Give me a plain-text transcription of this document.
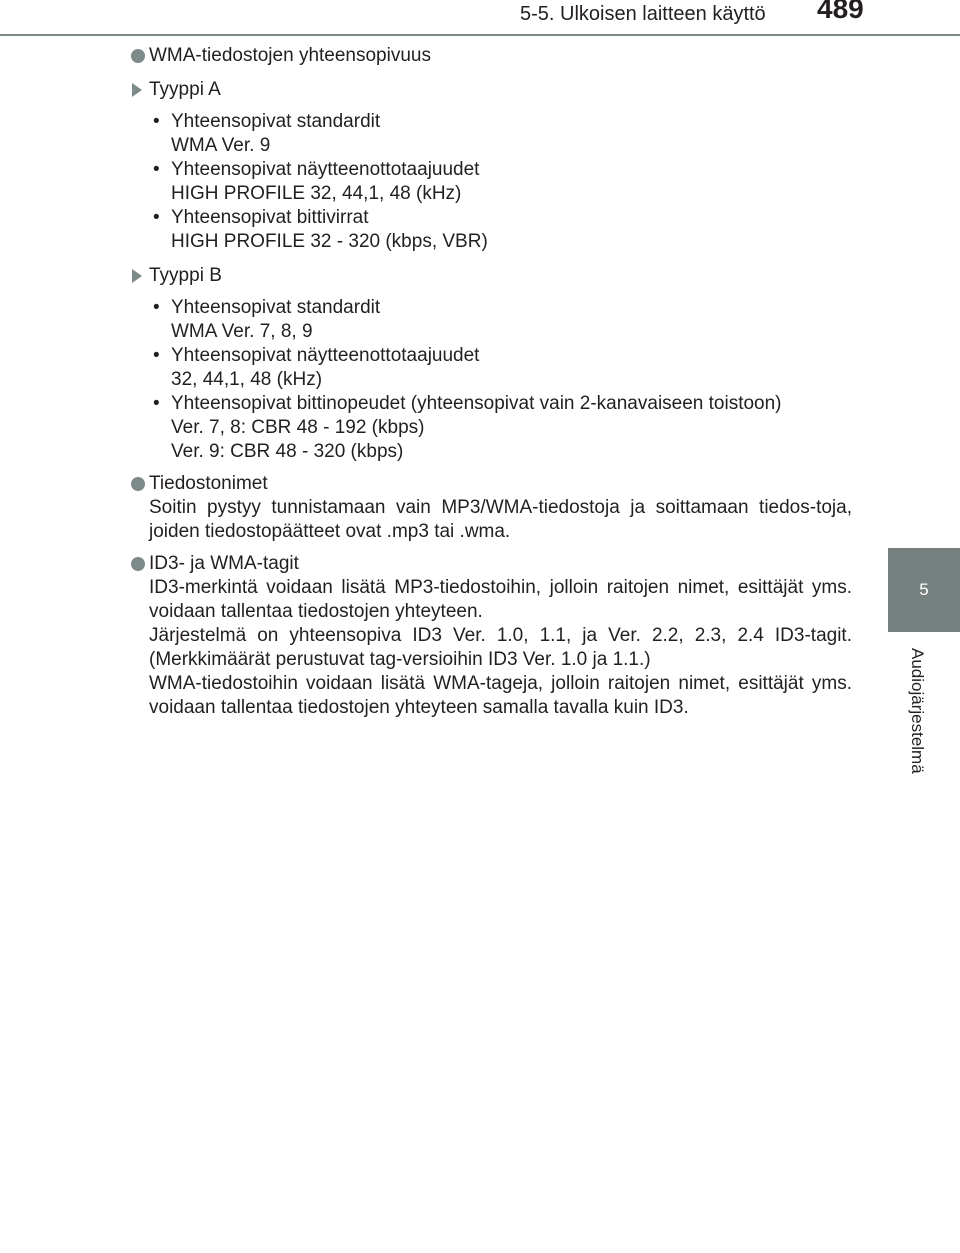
5-5. Ulkoisen laitteen käyttö 489
5
Audiojärjestelmä
WMA-tiedostojen yhteensopivuus
Tyyppi A
• Yhteensopivat standardit
WMA Ver. 9
• Yhteensopivat näytteenottotaajuudet
HIGH PROFILE 32, 44,1, 48 (kHz)
• Yhteensopivat bittivirrat
HIGH PROFILE 32 - 320 (kbps, VBR)
Tyyppi B
• Yhteensopivat standardit
WMA Ver. 7, 8, 9
• Yhteensopivat näytteenottotaajuudet
32, 44,1, 48 (kHz)
• Yhteensopivat bittinopeudet (yhteensopivat vain 2-kanavaiseen toistoon)
Ver. 7, 8: CBR 48 - 192 (kbps)
Ver. 9: CBR 48 - 320 (kbps)
Tiedostonimet
Soitin pystyy tunnistamaan vain MP3/WMA-tiedostoja ja soittamaan tiedos-toja, joiden tiedostopäätteet ovat .mp3 tai .wma.
ID3- ja WMA-tagit
ID3-merkintä voidaan lisätä MP3-tiedostoihin, jolloin raitojen nimet, esittäjät yms. voidaan tallentaa tiedostojen yhteyteen.
Järjestelmä on yhteensopiva ID3 Ver. 1.0, 1.1, ja Ver. 2.2, 2.3, 2.4 ID3-tagit. (Merkkimäärät perustuvat tag-versioihin ID3 Ver. 1.0 ja 1.1.)
WMA-tiedostoihin voidaan lisätä WMA-tageja, jolloin raitojen nimet, esittäjät yms. voidaan tallentaa tiedostojen yhteyteen samalla tavalla kuin ID3.
